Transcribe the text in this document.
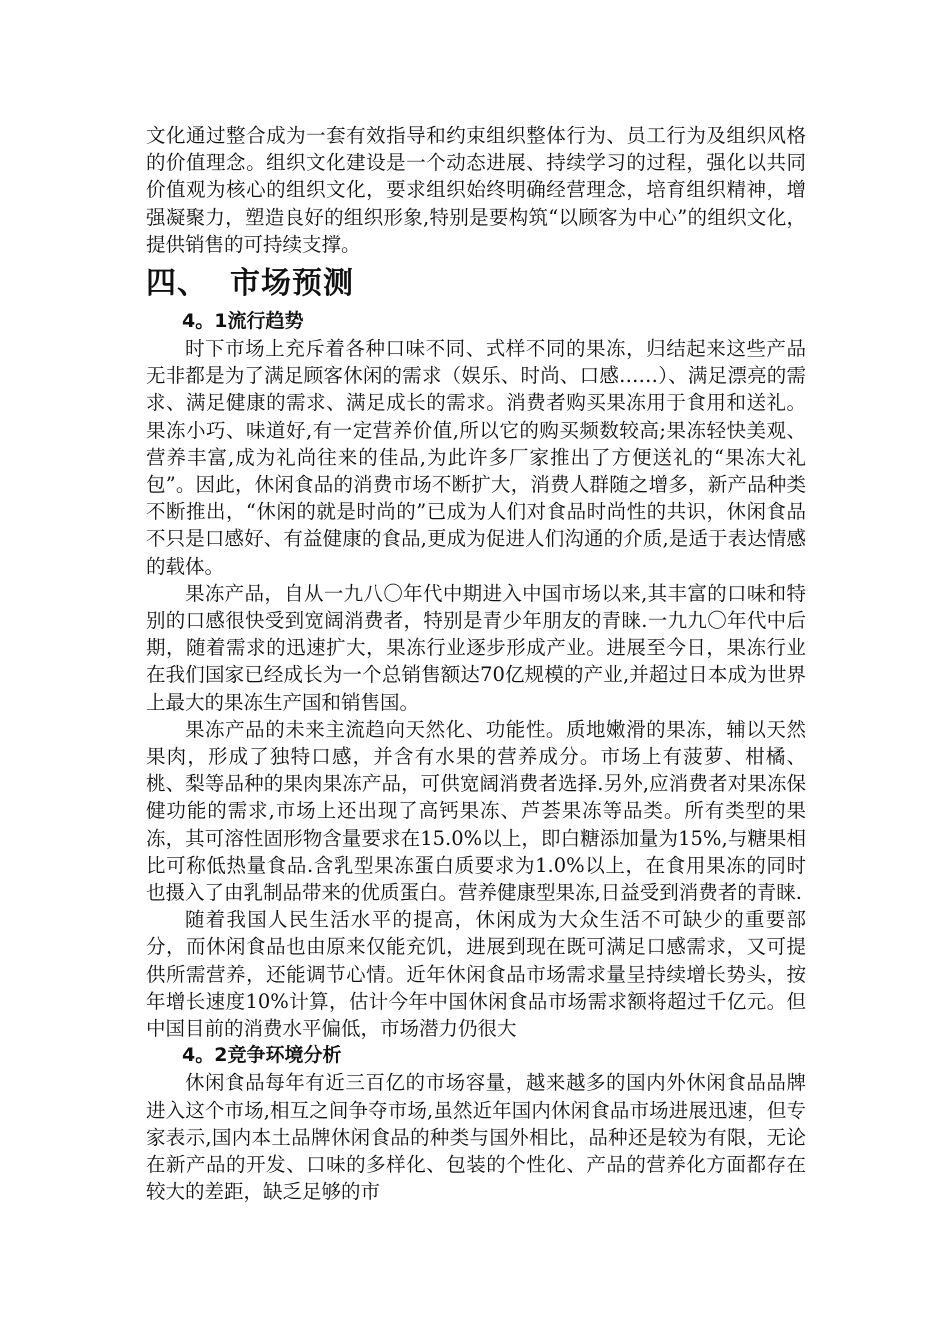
文化通过整合成为一套有效指导和约束组织整体行为、员工行为及组织风格的价值理念。组织文化建设是一个动态进展、持续学习的过程，强化以共同价值观为核心的组织文化，要求组织始终明确经营理念，培育组织精神，增强凝聚力，塑造良好的组织形象,特别是要构筑“以顾客为中心”的组织文化，提供销售的可持续支撑。

四、 市场预测
4。1流行趋势

时下市场上充斥着各种口味不同、式样不同的果冻，归结起来这些产品无非都是为了满足顾客休闲的需求（娱乐、时尚、口感……）、满足漂亮的需求、满足健康的需求、满足成长的需求。消费者购买果冻用于食用和送礼。果冻小巧、味道好,有一定营养价值,所以它的购买频数较高;果冻轻快美观、营养丰富,成为礼尚往来的佳品,为此许多厂家推出了方便送礼的“果冻大礼包”。因此，休闲食品的消费市场不断扩大，消费人群随之增多，新产品种类不断推出，“休闲的就是时尚的”已成为人们对食品时尚性的共识，休闲食品不只是口感好、有益健康的食品,更成为促进人们沟通的介质,是适于表达情感的载体。

果冻产品，自从一九八〇年代中期进入中国市场以来,其丰富的口味和特别的口感很快受到宽阔消费者，特别是青少年朋友的青睐.一九九〇年代中后期，随着需求的迅速扩大，果冻行业逐步形成产业。进展至今日，果冻行业在我们国家已经成长为一个总销售额达70亿规模的产业,并超过日本成为世界上最大的果冻生产国和销售国。

果冻产品的未来主流趋向天然化、功能性。质地嫩滑的果冻，辅以天然果肉，形成了独特口感，并含有水果的营养成分。市场上有菠萝、柑橘、桃、梨等品种的果肉果冻产品，可供宽阔消费者选择.另外,应消费者对果冻保健功能的需求,市场上还出现了高钙果冻、芦荟果冻等品类。所有类型的果冻，其可溶性固形物含量要求在15.0%以上，即白糖添加量为15%,与糖果相比可称低热量食品.含乳型果冻蛋白质要求为1.0%以上，在食用果冻的同时也摄入了由乳制品带来的优质蛋白。营养健康型果冻,日益受到消费者的青睐.

随着我国人民生活水平的提高，休闲成为大众生活不可缺少的重要部分，而休闲食品也由原来仅能充饥，进展到现在既可满足口感需求，又可提供所需营养，还能调节心情。近年休闲食品市场需求量呈持续增长势头，按年增长速度10%计算，估计今年中国休闲食品市场需求额将超过千亿元。但中国目前的消费水平偏低，市场潜力仍很大

4。2竞争环境分析

休闲食品每年有近三百亿的市场容量，越来越多的国内外休闲食品品牌进入这个市场,相互之间争夺市场,虽然近年国内休闲食品市场进展迅速，但专家表示,国内本土品牌休闲食品的种类与国外相比，品种还是较为有限，无论在新产品的开发、口味的多样化、包装的个性化、产品的营养化方面都存在较大的差距，缺乏足够的市
